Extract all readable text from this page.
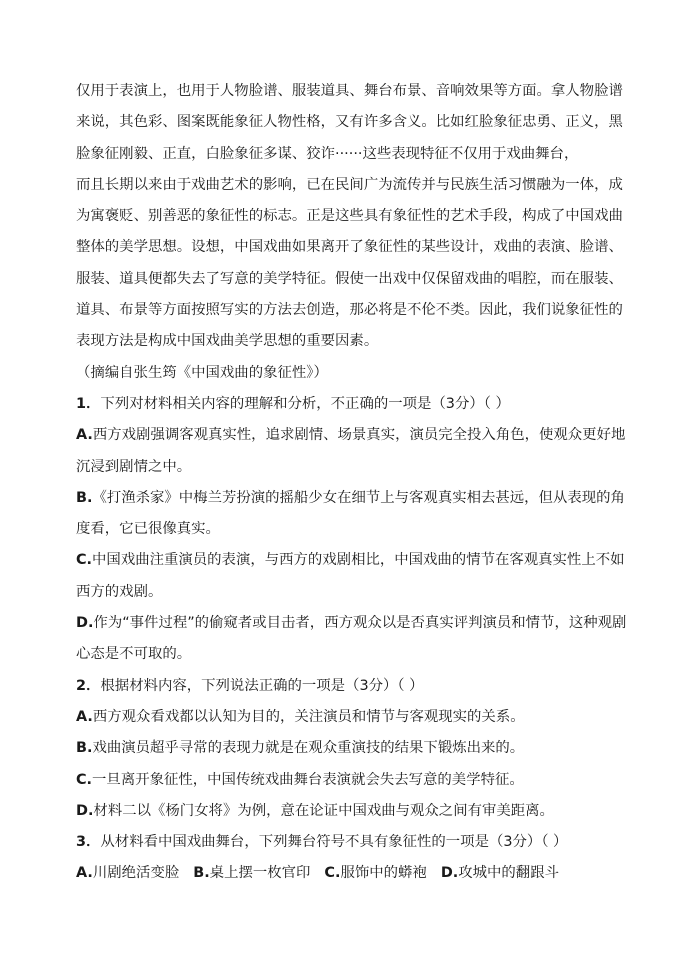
仅用于表演上，也用于人物脸谱、服装道具、舞台布景、音响效果等方面。拿人物脸谱
来说，其色彩、图案既能象征人物性格，又有许多含义。比如红脸象征忠勇、正义，黑
脸象征刚毅、正直，白脸象征多谋、狡诈······这些表现特征不仅用于戏曲舞台，
而且长期以来由于戏曲艺术的影响，已在民间广为流传并与民族生活习惯融为一体，成
为寓褒贬、别善恶的象征性的标志。正是这些具有象征性的艺术手段，构成了中国戏曲
整体的美学思想。设想，中国戏曲如果离开了象征性的某些设计，戏曲的表演、脸谱、
服装、道具便都失去了写意的美学特征。假使一出戏中仅保留戏曲的唱腔，而在服装、
道具、布景等方面按照写实的方法去创造，那必将是不伦不类。因此，我们说象征性的
表现方法是构成中国戏曲美学思想的重要因素。
（摘编自张生筠《中国戏曲的象征性》）
1．下列对材料相关内容的理解和分析，不正确的一项是（3分）（ ）
A.西方戏剧强调客观真实性，追求剧情、场景真实，演员完全投入角色，使观众更好地
沉浸到剧情之中。
B.《打渔杀家》中梅兰芳扮演的摇船少女在细节上与客观真实相去甚远，但从表现的角
度看，它已很像真实。
C.中国戏曲注重演员的表演，与西方的戏剧相比，中国戏曲的情节在客观真实性上不如
西方的戏剧。
D.作为“事件过程”的偷窥者或目击者，西方观众以是否真实评判演员和情节，这种观剧
心态是不可取的。
2．根据材料内容，下列说法正确的一项是（3分）（ ）
A.西方观众看戏都以认知为目的，关注演员和情节与客观现实的关系。
B.戏曲演员超乎寻常的表现力就是在观众重演技的结果下锻炼出来的。
C.一旦离开象征性，中国传统戏曲舞台表演就会失去写意的美学特征。
D.材料二以《杨门女将》为例，意在论证中国戏曲与观众之间有审美距离。
3．从材料看中国戏曲舞台，下列舞台符号不具有象征性的一项是（3分）（ ）
A.川剧绝活变脸 B.桌上摆一枚官印 C.服饰中的蟒袍 D.攻城中的翻跟斗
